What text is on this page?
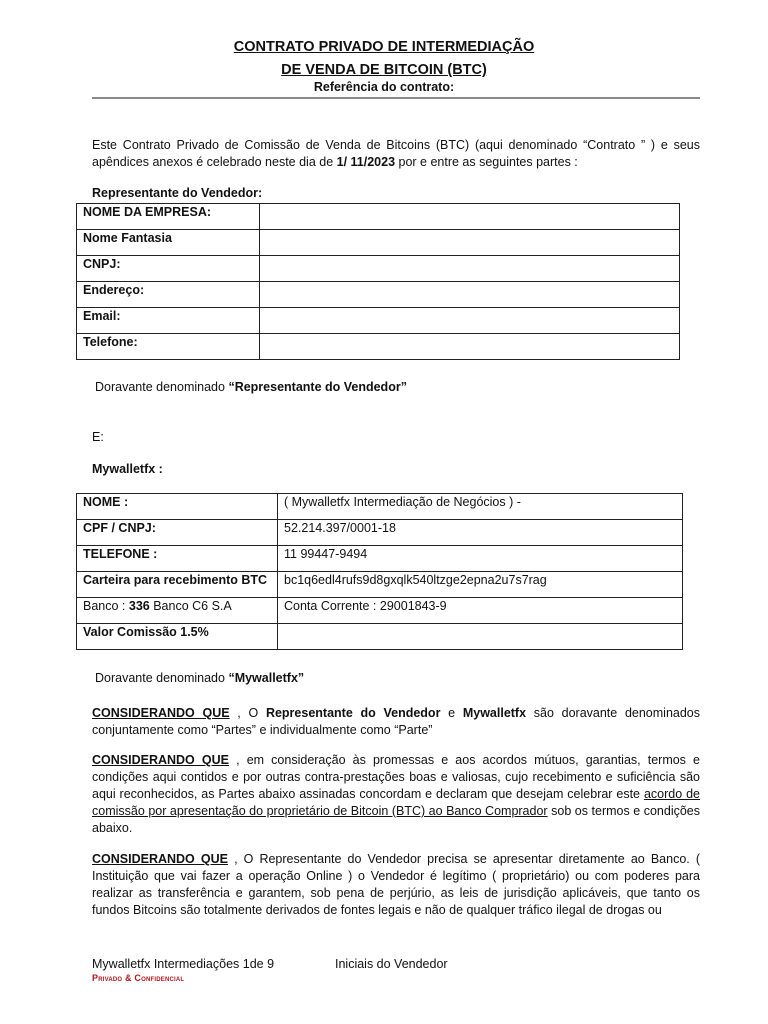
CONTRATO PRIVADO DE INTERMEDIAÇÃO
DE VENDA DE BITCOIN (BTC)
Referência do contrato:
Este Contrato Privado de Comissão de Venda de Bitcoins (BTC) (aqui denominado “Contrato ” ) e seus apêndices anexos é celebrado neste dia de 1/ 11/2023 por e entre as seguintes partes :
Representante do Vendedor:
NOME DA EMPRESA:	
Nome Fantasia	
CNPJ:	
Endereço:	
Email:	
Telefone:	
Doravante denominado “Representante do Vendedor”
E:
Mywalletfx :
NOME :	( Mywalletfx Intermediação de Negócios ) -
CPF / CNPJ:	52.214.397/0001-18
TELEFONE :	11 99447-9494
Carteira para recebimento BTC	bc1q6edl4rufs9d8gxqlk540ltzge2epna2u7s7rag
Banco : 336 Banco C6 S.A	Conta Corrente : 29001843-9
Valor Comissão 1.5%	
Doravante denominado “Mywalletfx”
CONSIDERANDO QUE , O Representante do Vendedor e Mywalletfx são doravante denominados conjuntamente como “Partes” e individualmente como “Parte”
CONSIDERANDO QUE , em consideração às promessas e aos acordos mútuos, garantias, termos e condições aqui contidos e por outras contra-prestações boas e valiosas, cujo recebimento e suficiência são aqui reconhecidos, as Partes abaixo assinadas concordam e declaram que desejam celebrar este acordo de comissão por apresentação do proprietário de Bitcoin (BTC) ao Banco Comprador sob os termos e condições abaixo.
CONSIDERANDO QUE , O Representante do Vendedor precisa se apresentar diretamente ao Banco. ( Instituição que vai fazer a operação Online ) o Vendedor é legítimo ( proprietário) ou com poderes para realizar as transferência e garantem, sob pena de perjúrio, as leis de jurisdição aplicáveis, que tanto os fundos Bitcoins são totalmente derivados de fontes legais e não de qualquer tráfico ilegal de drogas ou
Mywalletfx Intermediações 1de 9	Iniciais do Vendedor
Privado & Confidencial
